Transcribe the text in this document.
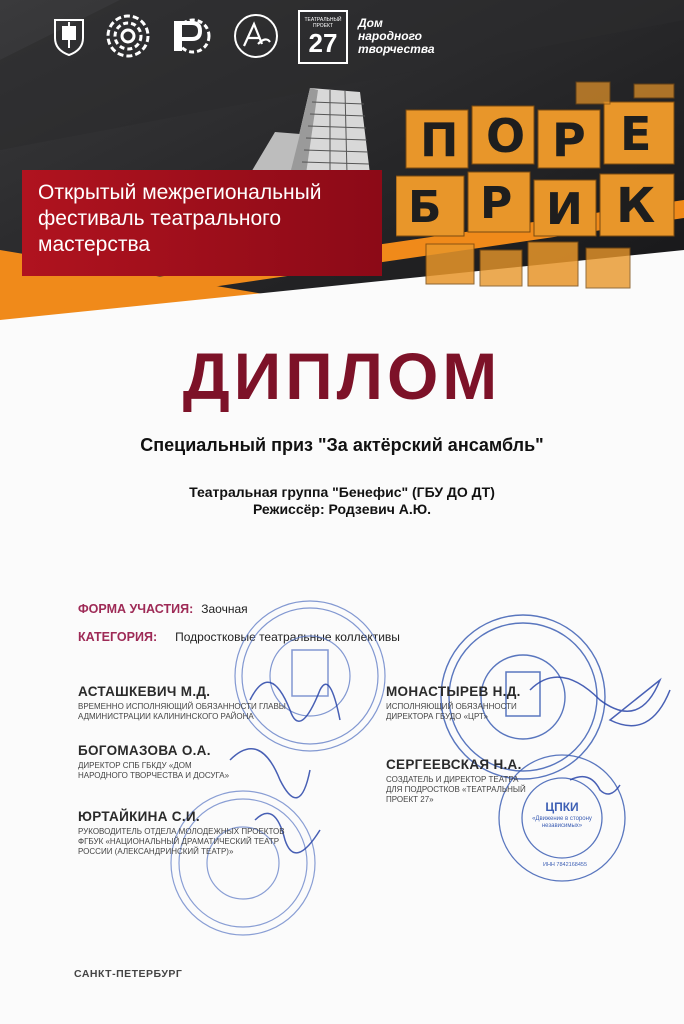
П О Р Е
Б Р И К
ТЕАТРАЛЬНЫЙ ПРОЕКТ
27
Дом
народного
творчества
Открытый межрегиональный фестиваль театрального мастерства
ДИПЛОМ
Специальный приз "За актёрский ансамбль"
Театральная группа "Бенефис" (ГБУ ДО ДТ)
Режиссёр: Родзевич А.Ю.
ФОРМА УЧАСТИЯ: Заочная
КАТЕГОРИЯ: Подростковые театральные коллективы
ЦПКИ
«Движение в сторону независимых»
ИНН 7842168455
АСТАШКЕВИЧ М.Д.
ВРЕМЕННО ИСПОЛНЯЮЩИЙ ОБЯЗАННОСТИ ГЛАВЫ АДМИНИСТРАЦИИ КАЛИНИНСКОГО РАЙОНА
БОГОМАЗОВА О.А.
ДИРЕКТОР СПБ ГБКДУ «ДОМ НАРОДНОГО ТВОРЧЕСТВА И ДОСУГА»
ЮРТАЙКИНА С.И.
РУКОВОДИТЕЛЬ ОТДЕЛА МОЛОДЕЖНЫХ ПРОЕКТОВ ФГБУК «НАЦИОНАЛЬНЫЙ ДРАМАТИЧЕСКИЙ ТЕАТР РОССИИ (АЛЕКСАНДРИНСКИЙ ТЕАТР)»
МОНАСТЫРЕВ Н.Д.
ИСПОЛНЯЮЩИЙ ОБЯЗАННОСТИ ДИРЕКТОРА ГБУДО «ЦРТ»
СЕРГЕЕВСКАЯ Н.А.
СОЗДАТЕЛЬ И ДИРЕКТОР ТЕАТРА ДЛЯ ПОДРОСТКОВ «ТЕАТРАЛЬНЫЙ ПРОЕКТ 27»
САНКТ-ПЕТЕРБУРГ
